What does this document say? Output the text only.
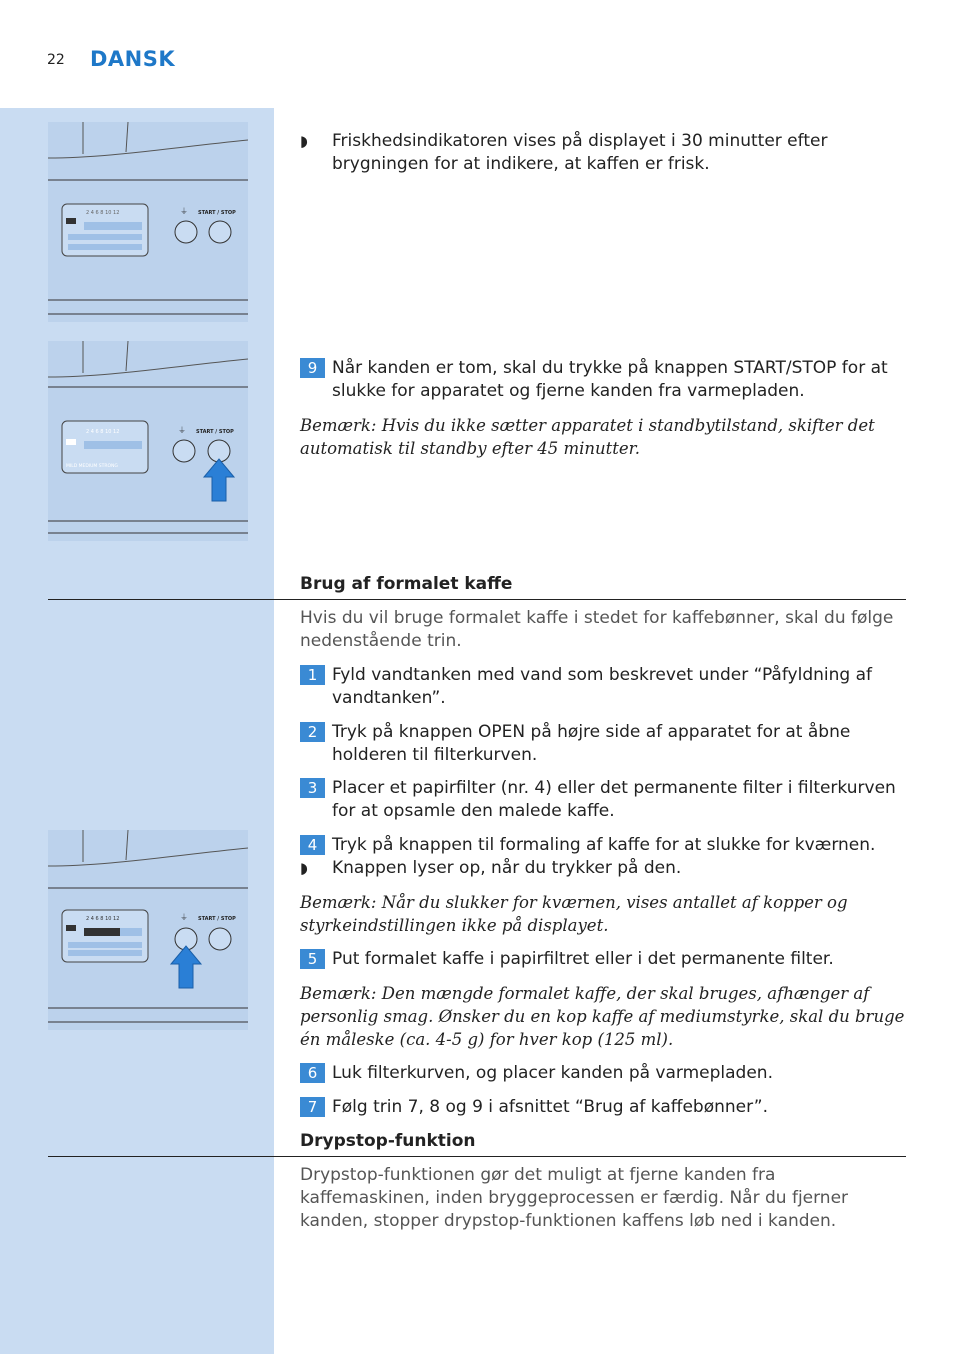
22 DANSK
2 4 6 8 10 12	START / STOP
⏚
2 4 6 8 10 12
MILD MEDIUM STRONG
START / STOP
⏚
2 4 6 8 10 12	START / STOP
⏚
◗	Friskhedsindikatoren vises på displayet i 30 minutter efter brygningen for at indikere, at kaffen er frisk.
9 Når kanden er tom, skal du trykke på knappen START/STOP for at slukke for apparatet og fjerne kanden fra varmepladen.
Bemærk: Hvis du ikke sætter apparatet i standbytilstand, skifter det automatisk til standby efter 45 minutter.
Brug af formalet kaffe
Hvis du vil bruge formalet kaffe i stedet for kaffebønner, skal du følge nedenstående trin.
1 Fyld vandtanken med vand som beskrevet under “Påfyldning af vandtanken”.
2 Tryk på knappen OPEN på højre side af apparatet for at åbne holderen til filterkurven.
3 Placer et papirfilter (nr. 4) eller det permanente filter i filterkurven for at opsamle den malede kaffe.
4 Tryk på knappen til formaling af kaffe for at slukke for kværnen.
◗	Knappen lyser op, når du trykker på den.
Bemærk: Når du slukker for kværnen, vises antallet af kopper og styrkeindstillingen ikke på displayet.
5 Put formalet kaffe i papirfiltret eller i det permanente filter.
Bemærk: Den mængde formalet kaffe, der skal bruges, afhænger af personlig smag. Ønsker du en kop kaffe af mediumstyrke, skal du bruge én måleske (ca. 4-5 g) for hver kop (125 ml).
6 Luk filterkurven, og placer kanden på varmepladen.
7 Følg trin 7, 8 og 9 i afsnittet “Brug af kaffebønner”.
Drypstop-funktion
Drypstop-funktionen gør det muligt at fjerne kanden fra kaffemaskinen, inden bryggeprocessen er færdig. Når du fjerner kanden, stopper drypstop-funktionen kaffens løb ned i kanden.
